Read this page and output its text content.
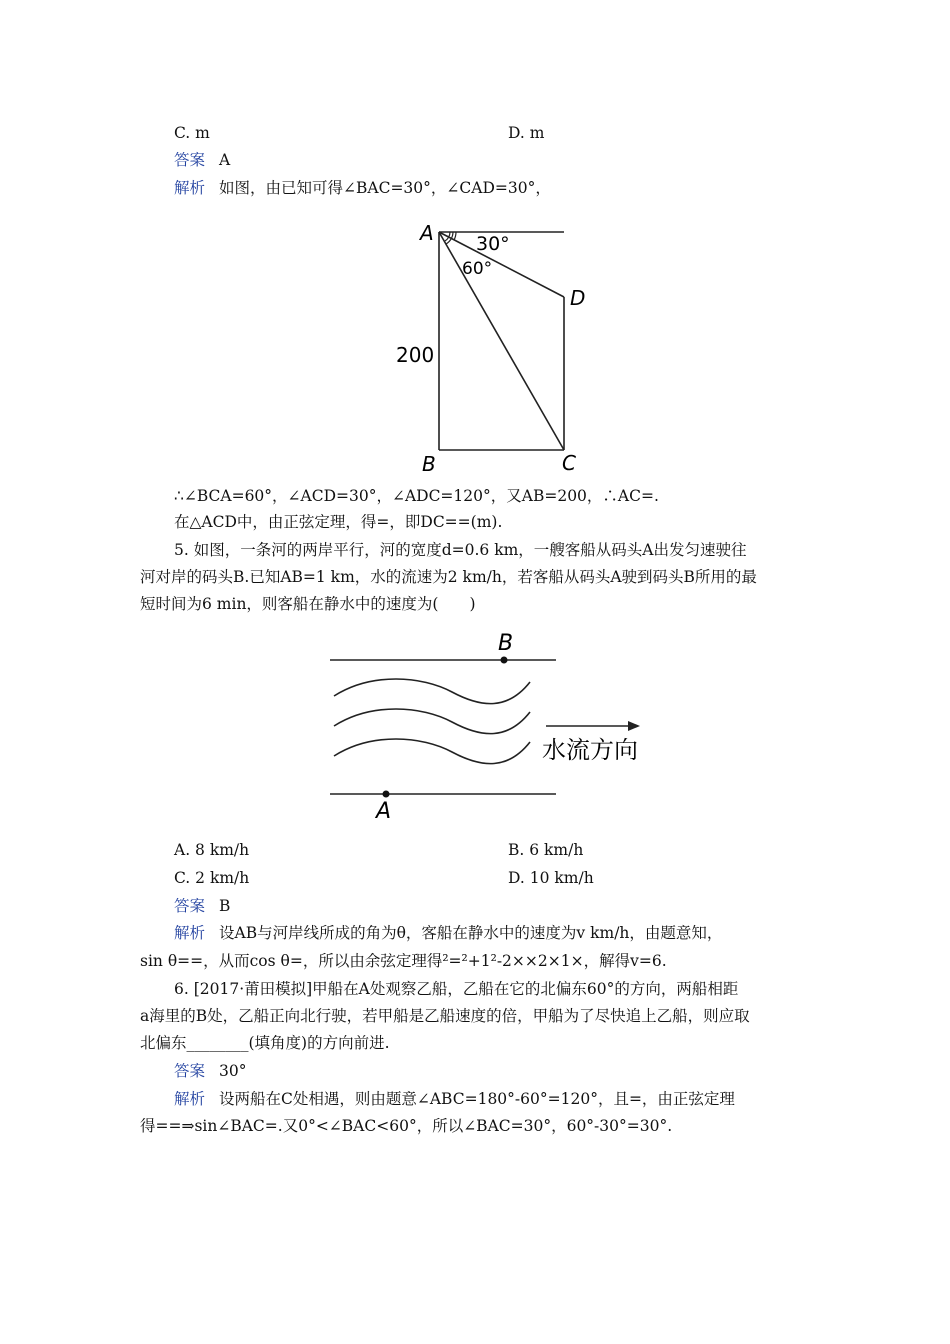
C. m	D. m
答案 A
解析 如图，由已知可得∠BAC=30°，∠CAD=30°，
A 30°
60°
D
200
B	C
∴∠BCA=60°，∠ACD=30°，∠ADC=120°，又AB=200，∴AC=.
在△ACD中，由正弦定理，得=，即DC==(m).
5. 如图，一条河的两岸平行，河的宽度d=0.6 km，一艘客船从码头A出发匀速驶往
河对岸的码头B.已知AB=1 km，水的流速为2 km/h，若客船从码头A驶到码头B所用的最
短时间为6 min，则客船在静水中的速度为(　　)
B
A
水流方向
A. 8 km/h	B. 6 km/h
C. 2 km/h	D. 10 km/h
答案 B
解析 设AB与河岸线所成的角为θ，客船在静水中的速度为v km/h，由题意知，
sin θ==，从而cos θ=，所以由余弦定理得²=²+1²-2××2×1×，解得v=6.
6. [2017·莆田模拟]甲船在A处观察乙船，乙船在它的北偏东60°的方向，两船相距
a海里的B处，乙船正向北行驶，若甲船是乙船速度的倍，甲船为了尽快追上乙船，则应取
北偏东________(填角度)的方向前进.
答案 30°
解析 设两船在C处相遇，则由题意∠ABC=180°-60°=120°，且=，由正弦定理
得==⇒sin∠BAC=.又0°<∠BAC<60°，所以∠BAC=30°，60°-30°=30°.
